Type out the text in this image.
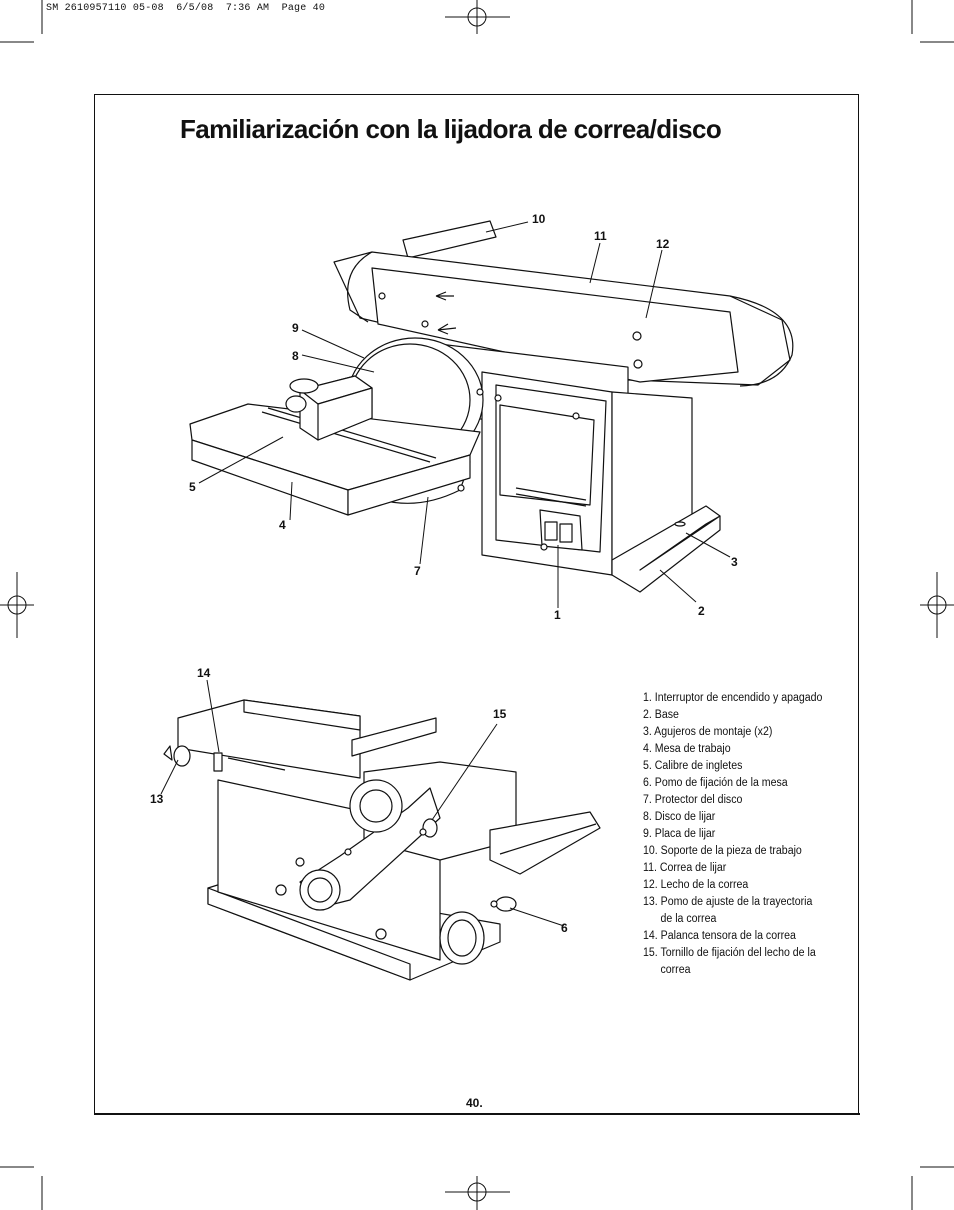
SM 2610957110 05-08  6/5/08  7:36 AM  Page 40
Familiarización con la lijadora de correa/disco
10
11
12
9
8
5
4
7
1	2
3
14
15
13
6
1. Interruptor de encendido y apagado
2. Base
3. Agujeros de montaje (x2)
4. Mesa de trabajo
5. Calibre de ingletes
6. Pomo de fijación de la mesa
7. Protector del disco
8. Disco de lijar
9. Placa de lijar
10. Soporte de la pieza de trabajo
11. Correa de lijar
12. Lecho de la correa
13. Pomo de ajuste de la trayectoria
de la correa
14. Palanca tensora de la correa
15. Tornillo de fijación del lecho de la
correa
40.
